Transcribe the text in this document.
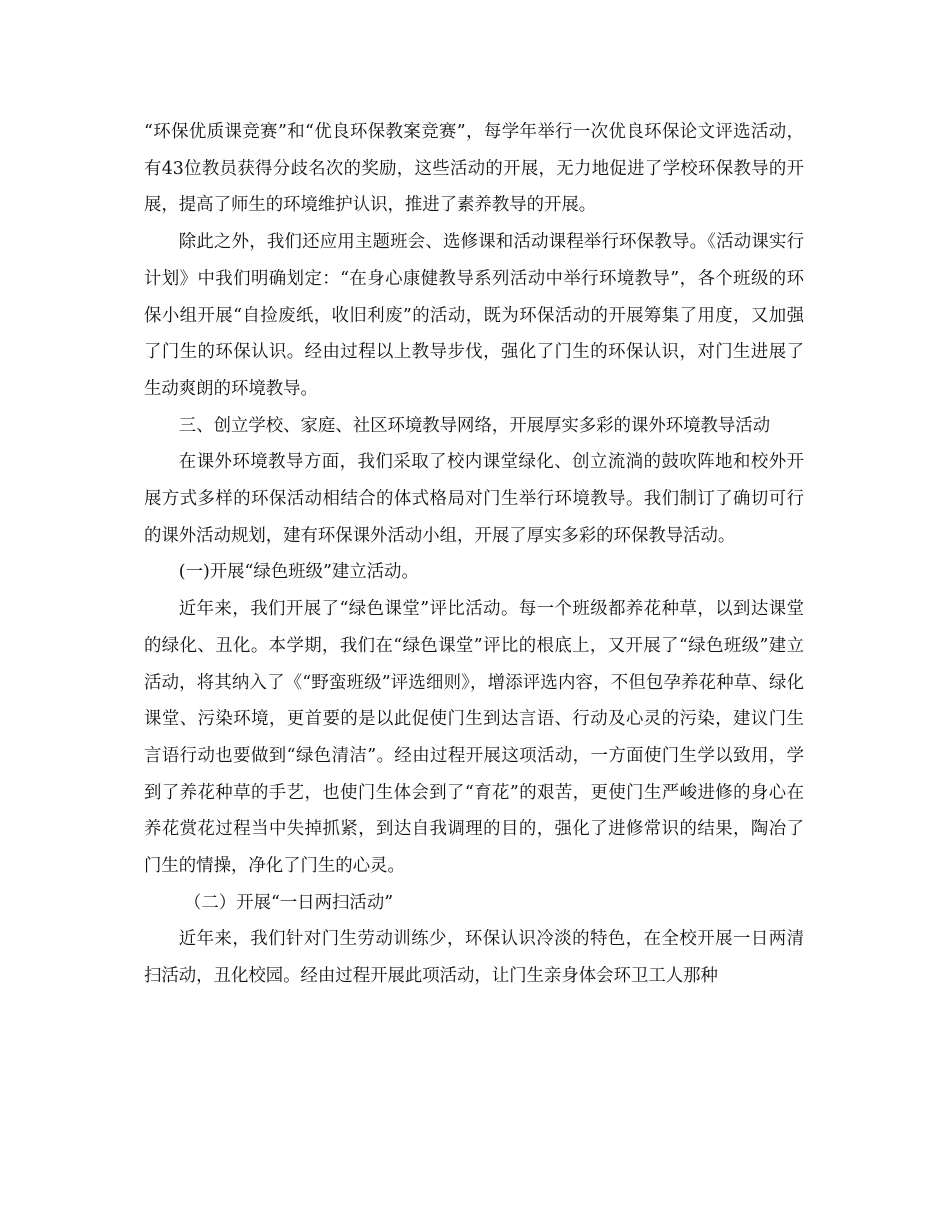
“环保优质课竞赛”和“优良环保教案竞赛”，每学年举行一次优良环保论文评选活动，有43位教员获得分歧名次的奖励，这些活动的开展，无力地促进了学校环保教导的开展，提高了师生的环境维护认识，推进了素养教导的开展。

除此之外，我们还应用主题班会、选修课和活动课程举行环保教导。《活动课实行计划》中我们明确划定：“在身心康健教导系列活动中举行环境教导”，各个班级的环保小组开展“自捡废纸，收旧利废”的活动，既为环保活动的开展筹集了用度，又加强了门生的环保认识。经由过程以上教导步伐，强化了门生的环保认识，对门生进展了生动爽朗的环境教导。

三、创立学校、家庭、社区环境教导网络，开展厚实多彩的课外环境教导活动

在课外环境教导方面，我们采取了校内课堂绿化、创立流淌的鼓吹阵地和校外开展方式多样的环保活动相结合的体式格局对门生举行环境教导。我们制订了确切可行的课外活动规划，建有环保课外活动小组，开展了厚实多彩的环保教导活动。

(一)开展“绿色班级”建立活动。

近年来，我们开展了“绿色课堂”评比活动。每一个班级都养花种草，以到达课堂的绿化、丑化。本学期，我们在“绿色课堂”评比的根底上，又开展了“绿色班级”建立活动，将其纳入了《“野蛮班级”评选细则》，增添评选内容，不但包孕养花种草、绿化课堂、污染环境，更首要的是以此促使门生到达言语、行动及心灵的污染，建议门生言语行动也要做到“绿色清洁”。经由过程开展这项活动，一方面使门生学以致用，学到了养花种草的手艺，也使门生体会到了“育花”的艰苦，更使门生严峻进修的身心在养花赏花过程当中失掉抓紧，到达自我调理的目的，强化了进修常识的结果，陶冶了门生的情操，净化了门生的心灵。

（二）开展“一日两扫活动”

近年来，我们针对门生劳动训练少，环保认识冷淡的特色，在全校开展一日两清扫活动，丑化校园。经由过程开展此项活动，让门生亲身体会环卫工人那种
